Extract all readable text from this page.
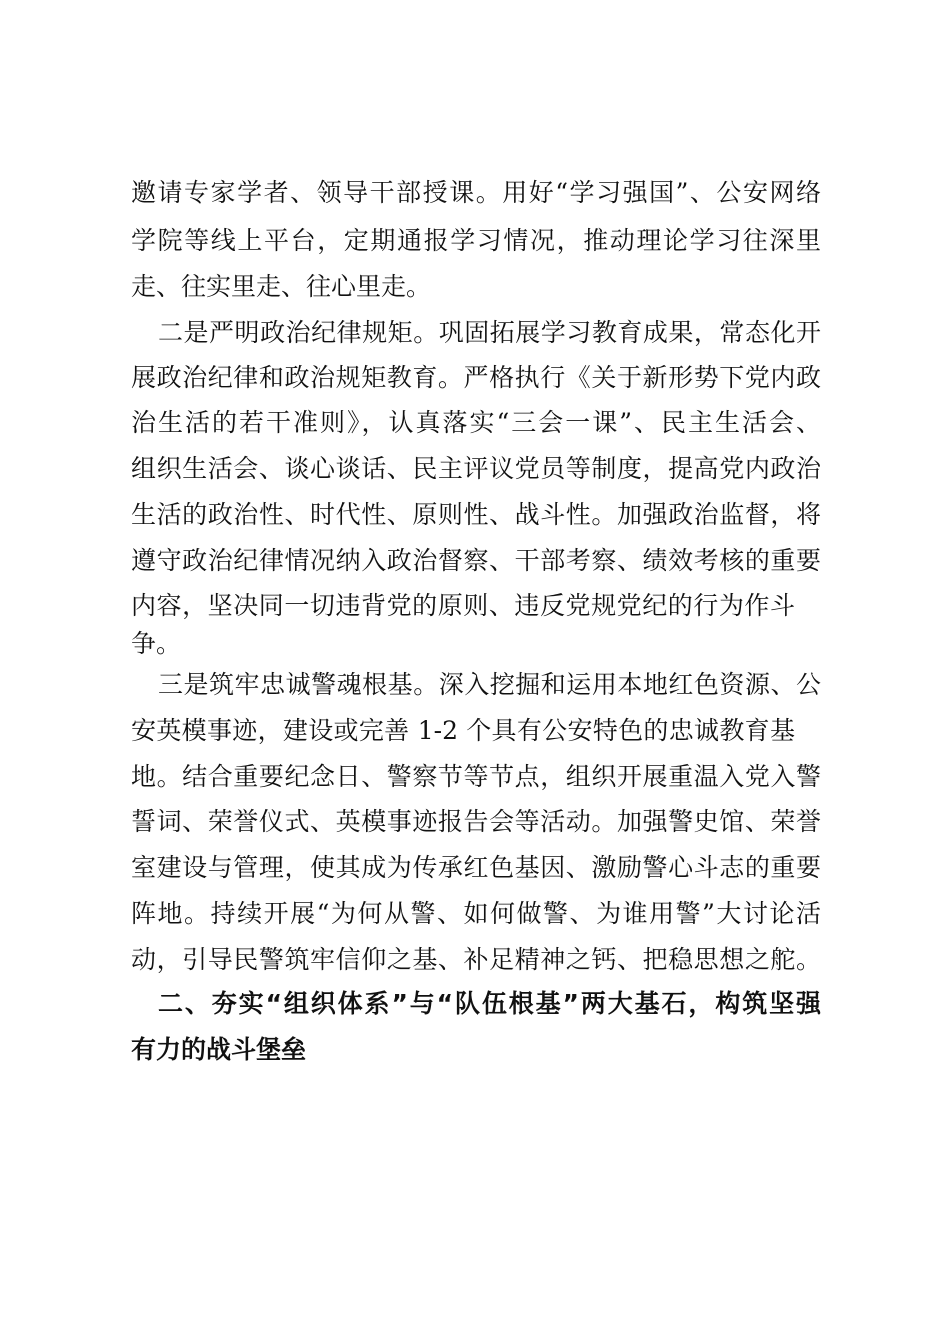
邀请专家学者、领导干部授课。用好“学习强国”、公安网络
学院等线上平台，定期通报学习情况，推动理论学习往深里
走、往实里走、往心里走。
二是严明政治纪律规矩。巩固拓展学习教育成果，常态化开
展政治纪律和政治规矩教育。严格执行《关于新形势下党内政
治生活的若干准则》，认真落实“三会一课”、民主生活会、
组织生活会、谈心谈话、民主评议党员等制度，提高党内政治
生活的政治性、时代性、原则性、战斗性。加强政治监督，将
遵守政治纪律情况纳入政治督察、干部考察、绩效考核的重要
内容，坚决同一切违背党的原则、违反党规党纪的行为作斗
争。
三是筑牢忠诚警魂根基。深入挖掘和运用本地红色资源、公
安英模事迹，建设或完善 1-2 个具有公安特色的忠诚教育基
地。结合重要纪念日、警察节等节点，组织开展重温入党入警
誓词、荣誉仪式、英模事迹报告会等活动。加强警史馆、荣誉
室建设与管理，使其成为传承红色基因、激励警心斗志的重要
阵地。持续开展“为何从警、如何做警、为谁用警”大讨论活
动，引导民警筑牢信仰之基、补足精神之钙、把稳思想之舵。
二、夯实“组织体系”与“队伍根基”两大基石，构筑坚强
有力的战斗堡垒
